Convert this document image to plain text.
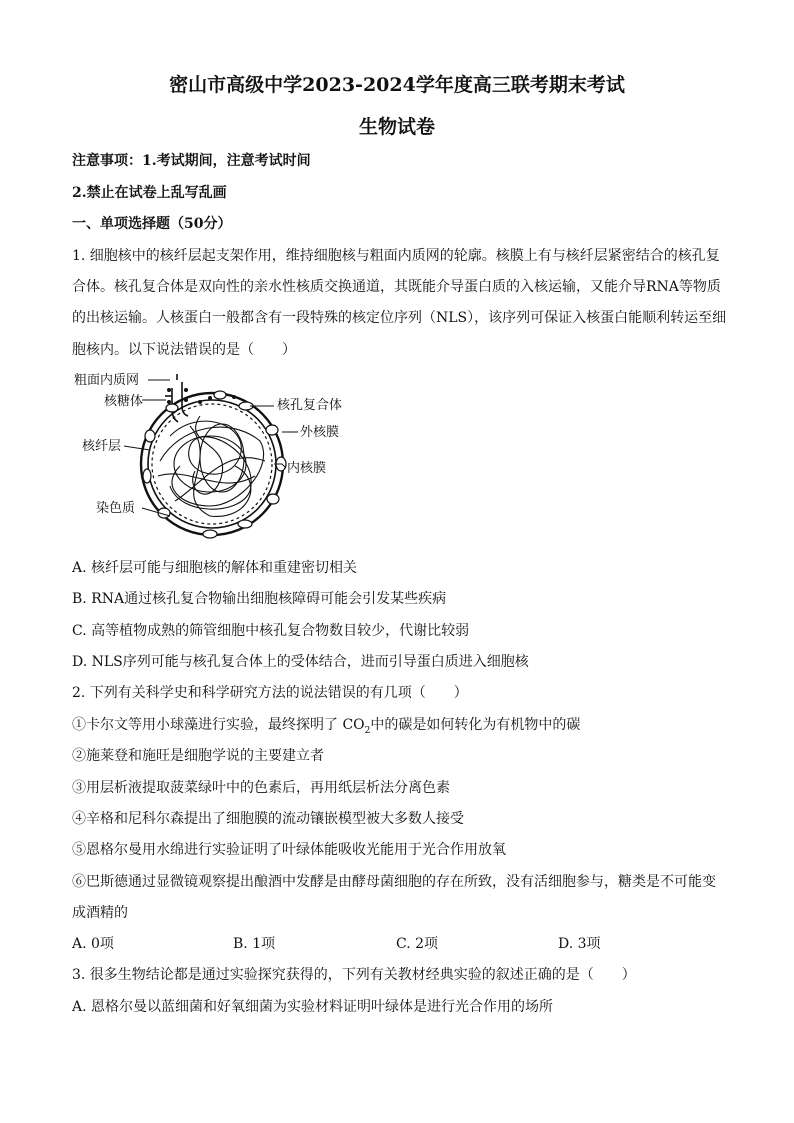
密山市高级中学2023-2024学年度高三联考期末考试
生物试卷
注意事项：1.考试期间，注意考试时间
2.禁止在试卷上乱写乱画
一、单项选择题（50分）
1. 细胞核中的核纤层起支架作用，维持细胞核与粗面内质网的轮廓。核膜上有与核纤层紧密结合的核孔复
合体。核孔复合体是双向性的亲水性核质交换通道，其既能介导蛋白质的入核运输，又能介导RNA等物质
的出核运输。人核蛋白一般都含有一段特殊的核定位序列（NLS），该序列可保证入核蛋白能顺利转运至细
胞核内。以下说法错误的是（　　）
粗面内质网
核糖体
核纤层
染色质
核孔复合体
外核膜
内核膜
A. 核纤层可能与细胞核的解体和重建密切相关
B. RNA通过核孔复合物输出细胞核障碍可能会引发某些疾病
C. 高等植物成熟的筛管细胞中核孔复合物数目较少，代谢比较弱
D. NLS序列可能与核孔复合体上的受体结合，进而引导蛋白质进入细胞核
2. 下列有关科学史和科学研究方法的说法错误的有几项（　　）
①卡尔文等用小球藻进行实验，最终探明了 $CO_2$中的碳是如何转化为有机物中的碳
②施莱登和施旺是细胞学说的主要建立者
③用层析液提取菠菜绿叶中的色素后，再用纸层析法分离色素
④辛格和尼科尔森提出了细胞膜的流动镶嵌模型被大多数人接受
⑤恩格尔曼用水绵进行实验证明了叶绿体能吸收光能用于光合作用放氧
⑥巴斯德通过显微镜观察提出酿酒中发酵是由酵母菌细胞的存在所致，没有活细胞参与，糖类是不可能变
成酒精的
A. 0项	B. 1项	C. 2项	D. 3项
3. 很多生物结论都是通过实验探究获得的，下列有关教材经典实验的叙述正确的是（　　）
A. 恩格尔曼以蓝细菌和好氧细菌为实验材料证明叶绿体是进行光合作用的场所
